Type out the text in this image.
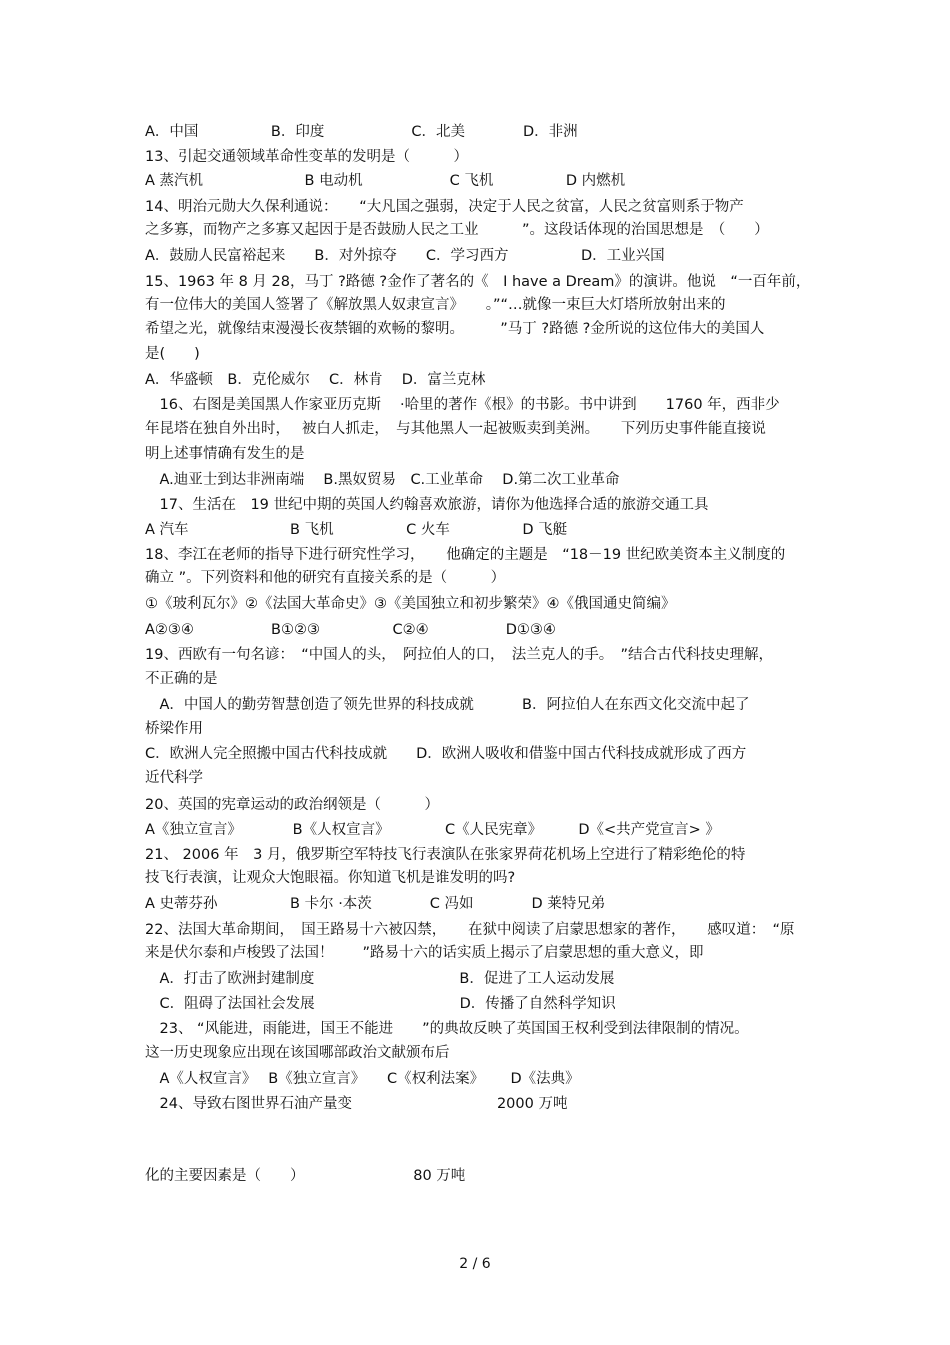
A．中国　　　　　B．印度　　　　　　C．北美　　　　D．非洲

13、引起交通领域革命性变革的发明是（　　　）

A 蒸汽机　　　　　　　B 电动机　　　　　　C 飞机　　　　　D 内燃机

14、明治元勋大久保利通说：　　“大凡国之强弱，决定于人民之贫富，人民之贫富则系于物产

之多寡，而物产之多寡又起因于是否鼓励人民之工业　　　”。这段话体现的治国思想是　（　　）

A．鼓励人民富裕起来　　B．对外掠夺　　C．学习西方　　　　　D．工业兴国

15、1963 年 8 月 28，马丁 ?路德 ?金作了著名的《　I have a Dream》的演讲。他说　“一百年前，

有一位伟大的美国人签署了《解放黑人奴隶宣言》　　。”“…就像一束巨大灯塔所放射出来的

希望之光，就像结束漫漫长夜禁锢的欢畅的黎明。　　　”马丁 ?路德 ?金所说的这位伟大的美国人

是(　　)

A．华盛顿　B．克伦威尔　 C．林肯　 D．富兰克林

　16、右图是美国黑人作家亚历克斯　 ·哈里的著作《根》的书影。书中讲到　　1760 年，西非少

年昆塔在独自外出时，　 被白人抓走，　与其他黑人一起被贩卖到美洲。　　下列历史事件能直接说

明上述事情确有发生的是

　A.迪亚士到达非洲南端　 B.黑奴贸易　C.工业革命　 D.第二次工业革命

　17、生活在　19 世纪中期的英国人约翰喜欢旅游，请你为他选择合适的旅游交通工具

A 汽车　　　　　　　B 飞机　　　　　C 火车　　　　　D 飞艇

18、李江在老师的指导下进行研究性学习，　　他确定的主题是　“18－19 世纪欧美资本主义制度的

确立 ”。下列资料和他的研究有直接关系的是（　　　）

①《玻利瓦尔》②《法国大革命史》③《美国独立和初步繁荣》④《俄国通史简编》

A②③④　　　　　 B①②③　　　　　C②④　　　　　 D①③④

19、西欧有一句名谚：　“中国人的头，　阿拉伯人的口，　法兰克人的手。　”结合古代科技史理解，

不正确的是

　A．中国人的勤劳智慧创造了领先世界的科技成就　　　 B．阿拉伯人在东西文化交流中起了

桥梁作用

C．欧洲人完全照搬中国古代科技成就　　D．欧洲人吸收和借鉴中国古代科技成就形成了西方

近代科学

20、英国的宪章运动的政治纲领是（　　　）

A《独立宣言》　　　　B《人权宣言》　　　　 C《人民宪章》　　　D《<共产党宣言> 》

21、 2006 年　3 月，俄罗斯空军特技飞行表演队在张家界荷花机场上空进行了精彩绝伦的特

技飞行表演，让观众大饱眼福。你知道飞机是谁发明的吗?

A 史蒂芬孙　　　　　B 卡尔 ·本茨　　　　C 冯如　　　　D 莱特兄弟

22、法国大革命期间，　国王路易十六被囚禁，　　在狱中阅读了启蒙思想家的著作，　　感叹道：　“原

来是伏尔泰和卢梭毁了法国！　　”路易十六的话实质上揭示了启蒙思想的重大意义，即

　A．打击了欧洲封建制度　　　　　　　　　　B．促进了工人运动发展

　C．阻碍了法国社会发展　　　　　　　　　　D．传播了自然科学知识

　23、 “风能进，雨能进，国王不能进　　”的典故反映了英国国王权利受到法律限制的情况。

这一历史现象应出现在该国哪部政治文献颁布后

　A《人权宣言》　 B《独立宣言》　　C《权利法案》　　 D《法典》

　24、导致右图世界石油产量变　　　　　　　　　　2000 万吨

化的主要因素是（　　）　　　　　　　　80 万吨

2 / 6
